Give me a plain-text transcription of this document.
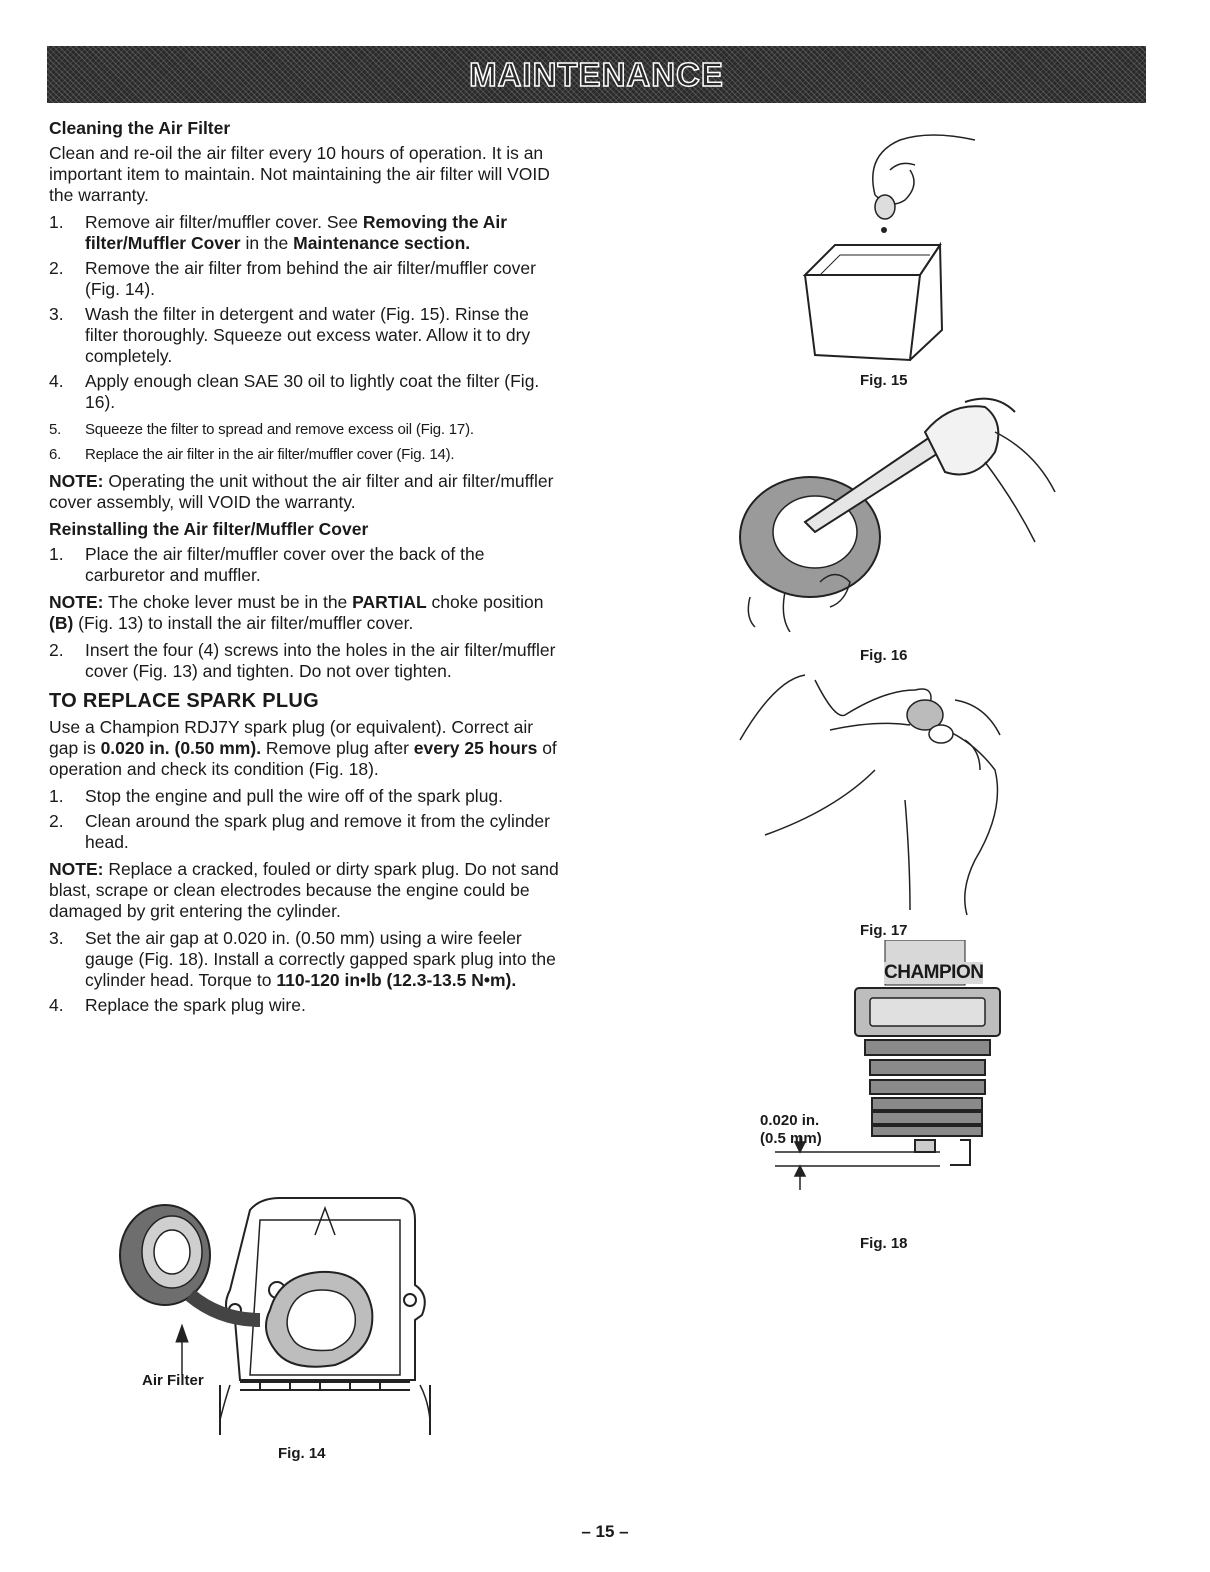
MAINTENANCE
Cleaning the Air Filter

Clean and re-oil the air filter every 10 hours of operation. It is an important item to maintain. Not maintaining the air filter will VOID the warranty.

1. Remove air filter/muffler cover. See Removing the Air filter/Muffler Cover in the Maintenance section.
2. Remove the air filter from behind the air filter/muffler cover (Fig. 14).
3. Wash the filter in detergent and water (Fig. 15). Rinse the filter thoroughly. Squeeze out excess water. Allow it to dry completely.
4. Apply enough clean SAE 30 oil to lightly coat the filter (Fig. 16).
5. Squeeze the filter to spread and remove excess oil (Fig. 17).
6. Replace the air filter in the air filter/muffler cover (Fig. 14).

NOTE: Operating the unit without the air filter and air filter/muffler cover assembly, will VOID the warranty.

Reinstalling the Air filter/Muffler Cover
1. Place the air filter/muffler cover over the back of the carburetor and muffler.

NOTE: The choke lever must be in the PARTIAL choke position (B) (Fig. 13) to install the air filter/muffler cover.

2. Insert the four (4) screws into the holes in the air filter/muffler cover (Fig. 13) and tighten. Do not over tighten.
TO REPLACE SPARK PLUG

Use a Champion RDJ7Y spark plug (or equivalent). Correct air gap is 0.020 in. (0.50 mm). Remove plug after every 25 hours of operation and check its condition (Fig. 18).

1. Stop the engine and pull the wire off of the spark plug.
2. Clean around the spark plug and remove it from the cylinder head.

NOTE: Replace a cracked, fouled or dirty spark plug. Do not sand blast, scrape or clean electrodes because the engine could be damaged by grit entering the cylinder.

3. Set the air gap at 0.020 in. (0.50 mm) using a wire feeler gauge (Fig. 18). Install a correctly gapped spark plug into the cylinder head. Torque to 110-120 in•lb (12.3-13.5 N•m).
4. Replace the spark plug wire.
Air Filter
Fig. 14
Fig. 15
Fig. 16
Fig. 17
CHAMPION
0.020 in.
(0.5 mm)
Fig. 18
– 15 –
